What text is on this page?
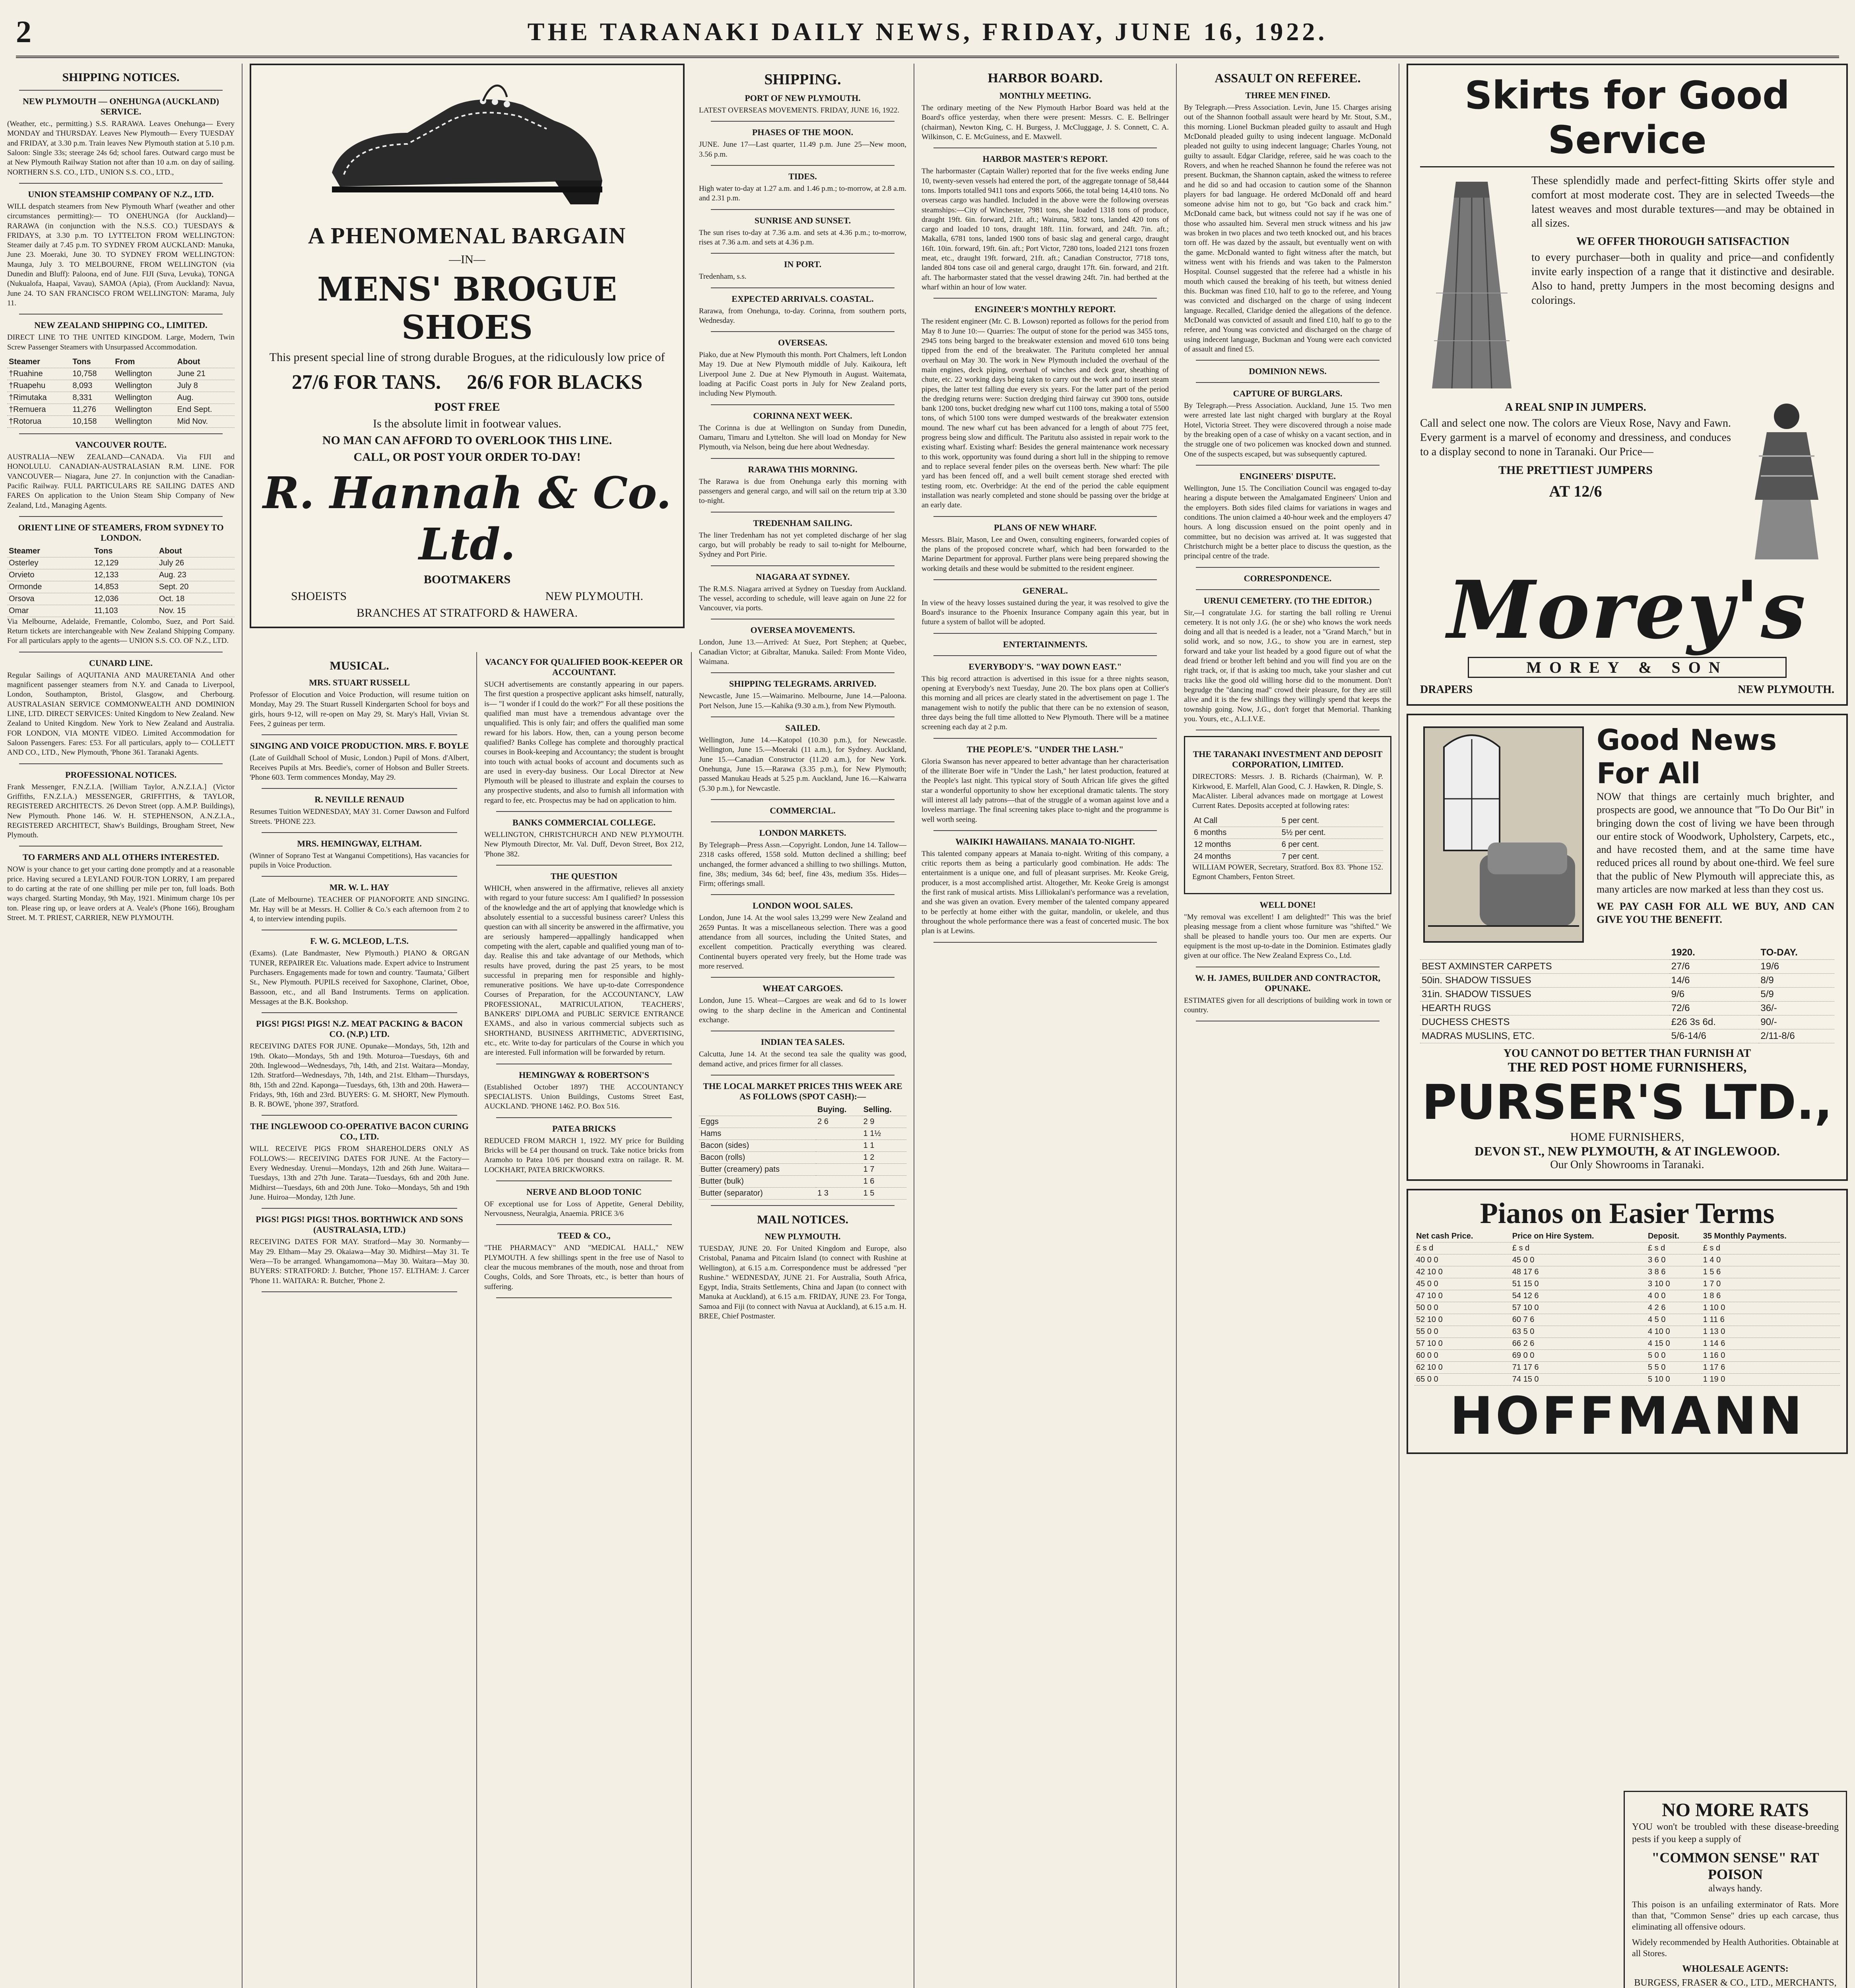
2	THE TARANAKI DAILY NEWS, FRIDAY, JUNE 16, 1922.
SHIPPING NOTICES.
NEW PLYMOUTH — ONEHUNGA (AUCKLAND) SERVICE.

(Weather, etc., permitting.) S.S. RARAWA. Leaves Onehunga— Every MONDAY and THURSDAY. Leaves New Plymouth— Every TUESDAY and FRIDAY, at 3.30 p.m. Train leaves New Plymouth station at 5.10 p.m. Saloon: Single 33s; steerage 24s 6d; school fares. Outward cargo must be at New Plymouth Railway Station not after than 10 a.m. on day of sailing. NORTHERN S.S. CO., LTD., UNION S.S. CO., LTD.,

UNION STEAMSHIP COMPANY OF N.Z., LTD.

WILL despatch steamers from New Plymouth Wharf (weather and other circumstances permitting):— TO ONEHUNGA (for Auckland)— RARAWA (in conjunction with the N.S.S. CO.) TUESDAYS & FRIDAYS, at 3.30 p.m. TO LYTTELTON FROM WELLINGTON: Steamer daily at 7.45 p.m. TO SYDNEY FROM AUCKLAND: Manuka, June 23. Moeraki, June 30. TO SYDNEY FROM WELLINGTON: Maunga, July 3. TO MELBOURNE, FROM WELLINGTON (via Dunedin and Bluff): Paloona, end of June. FIJI (Suva, Levuka), TONGA (Nukualofa, Haapai, Vavau), SAMOA (Apia), (From Auckland): Navua, June 24. TO SAN FRANCISCO FROM WELLINGTON: Marama, July 11.

NEW ZEALAND SHIPPING CO., LIMITED.

DIRECT LINE TO THE UNITED KINGDOM. Large, Modern, Twin Screw Passenger Steamers with Unsurpassed Accommodation.

Steamer	Tons	From	About
†Ruahine	10,758	Wellington	June 21
†Ruapehu	8,093	Wellington	July 8
†Rimutaka	8,331	Wellington	Aug.
†Remuera	11,276	Wellington	End Sept.
†Rotorua	10,158	Wellington	Mid Nov.
VANCOUVER ROUTE.

AUSTRALIA—NEW ZEALAND—CANADA. Via FIJI and HONOLULU. CANADIAN-AUSTRALASIAN R.M. LINE. FOR VANCOUVER— Niagara, June 27. In conjunction with the Canadian-Pacific Railway. FULL PARTICULARS RE SAILING DATES AND FARES On application to the Union Steam Ship Company of New Zealand, Ltd., Managing Agents.

ORIENT LINE OF STEAMERS, FROM SYDNEY TO LONDON.
Steamer	Tons	About
Osterley	12,129	July 26
Orvieto	12,133	Aug. 23
Ormonde	14,853	Sept. 20
Orsova	12,036	Oct. 18
Omar	11,103	Nov. 15

Via Melbourne, Adelaide, Fremantle, Colombo, Suez, and Port Said. Return tickets are interchangeable with New Zealand Shipping Company. For all particulars apply to the agents— UNION S.S. CO. OF N.Z., LTD.

CUNARD LINE.

Regular Sailings of AQUITANIA AND MAURETANIA And other magnificent passenger steamers from N.Y. and Canada to Liverpool, London, Southampton, Bristol, Glasgow, and Cherbourg. AUSTRALASIAN SERVICE COMMONWEALTH AND DOMINION LINE, LTD. DIRECT SERVICES: United Kingdom to New Zealand. New Zealand to United Kingdom. New York to New Zealand and Australia. FOR LONDON, VIA MONTE VIDEO. Limited Accommodation for Saloon Passengers. Fares: £53. For all particulars, apply to— COLLETT AND CO., LTD., New Plymouth, 'Phone 361. Taranaki Agents.

PROFESSIONAL NOTICES.

Frank Messenger, F.N.Z.I.A. [William Taylor, A.N.Z.I.A.] (Victor Griffiths, F.N.Z.I.A.) MESSENGER, GRIFFITHS, & TAYLOR, REGISTERED ARCHITECTS. 26 Devon Street (opp. A.M.P. Buildings), New Plymouth. Phone 146. W. H. STEPHENSON, A.N.Z.I.A., REGISTERED ARCHITECT, Shaw's Buildings, Brougham Street, New Plymouth.

TO FARMERS AND ALL OTHERS INTERESTED.

NOW is your chance to get your carting done promptly and at a reasonable price. Having secured a LEYLAND FOUR-TON LORRY, I am prepared to do carting at the rate of one shilling per mile per ton, full loads. Both ways charged. Starting Monday, 9th May, 1921. Minimum charge 10s per ton. Please ring up, or leave orders at A. Veale's (Phone 166), Brougham Street. M. T. PRIEST, CARRIER, NEW PLYMOUTH.

A PHENOMENAL BARGAIN
—IN—
MENS' BROGUE SHOES
This present special line of strong durable Brogues, at the ridiculously low price of
27/6 FOR TANS. 26/6 FOR BLACKS
POST FREE
Is the absolute limit in footwear values.
NO MAN CAN AFFORD TO OVERLOOK THIS LINE.
CALL, OR POST YOUR ORDER TO-DAY!
R. Hannah & Co. Ltd.
BOOTMAKERS
SHOEISTS	NEW PLYMOUTH.
BRANCHES AT STRATFORD & HAWERA.
MUSICAL.
MRS. STUART RUSSELL

Professor of Elocution and Voice Production, will resume tuition on Monday, May 29. The Stuart Russell Kindergarten School for boys and girls, hours 9-12, will re-open on May 29, St. Mary's Hall, Vivian St. Fees, 2 guineas per term.

SINGING AND VOICE PRODUCTION. MRS. F. BOYLE

(Late of Guildhall School of Music, London.) Pupil of Mons. d'Albert, Receives Pupils at Mrs. Beedie's, corner of Hobson and Buller Streets. 'Phone 603. Term commences Monday, May 29.

R. NEVILLE RENAUD

Resumes Tuition WEDNESDAY, MAY 31. Corner Dawson and Fulford Streets. 'PHONE 223.

MRS. HEMINGWAY, ELTHAM.

(Winner of Soprano Test at Wanganui Competitions), Has vacancies for pupils in Voice Production.

MR. W. L. HAY

(Late of Melbourne). TEACHER OF PIANOFORTE AND SINGING. Mr. Hay will be at Messrs. H. Collier & Co.'s each afternoon from 2 to 4, to interview intending pupils.

F. W. G. MCLEOD, L.T.S.

(Exams). (Late Bandmaster, New Plymouth.) PIANO & ORGAN TUNER, REPAIRER Etc. Valuations made. Expert advice to Instrument Purchasers. Engagements made for town and country. 'Taumata,' Gilbert St., New Plymouth. PUPILS received for Saxophone, Clarinet, Oboe, Bassoon, etc., and all Band Instruments. Terms on application. Messages at the B.K. Bookshop.

PIGS! PIGS! PIGS! N.Z. MEAT PACKING & BACON CO. (N.P.) LTD.

RECEIVING DATES FOR JUNE. Opunake—Mondays, 5th, 12th and 19th. Okato—Mondays, 5th and 19th. Moturoa—Tuesdays, 6th and 20th. Inglewood—Wednesdays, 7th, 14th, and 21st. Waitara—Monday, 12th. Stratford—Wednesdays, 7th, 14th, and 21st. Eltham—Thursdays, 8th, 15th and 22nd. Kaponga—Tuesdays, 6th, 13th and 20th. Hawera—Fridays, 9th, 16th and 23rd. BUYERS: G. M. SHORT, New Plymouth. B. R. BOWE, 'phone 397, Stratford.

THE INGLEWOOD CO-OPERATIVE BACON CURING CO., LTD.

WILL RECEIVE PIGS FROM SHAREHOLDERS ONLY AS FOLLOWS:— RECEIVING DATES FOR JUNE. At the Factory—Every Wednesday. Urenui—Mondays, 12th and 26th June. Waitara—Tuesdays, 13th and 27th June. Tarata—Tuesdays, 6th and 20th June. Midhirst—Tuesdays, 6th and 20th June. Toko—Mondays, 5th and 19th June. Huiroa—Monday, 12th June.

PIGS! PIGS! PIGS! THOS. BORTHWICK AND SONS (AUSTRALASIA, LTD.)

RECEIVING DATES FOR MAY. Stratford—May 30. Normanby—May 29. Eltham—May 29. Okaiawa—May 30. Midhirst—May 31. Te Wera—To be arranged. Whangamomona—May 30. Waitara—May 30. BUYERS: STRATFORD: J. Butcher, 'Phone 157. ELTHAM: J. Carcer 'Phone 11. WAITARA: R. Butcher, 'Phone 2.

VACANCY FOR QUALIFIED BOOK-KEEPER OR ACCOUNTANT.

SUCH advertisements are constantly appearing in our papers. The first question a prospective applicant asks himself, naturally, is— "I wonder if I could do the work?" For all these positions the qualified man must have a tremendous advantage over the unqualified. This is only fair; and offers the qualified man some reward for his labors. How, then, can a young person become qualified? Banks College has complete and thoroughly practical courses in Book-keeping and Accountancy; the student is brought into touch with actual books of account and documents such as are used in every-day business. Our Local Director at New Plymouth will be pleased to illustrate and explain the courses to any prospective students, and also to furnish all information with regard to fee, etc. Prospectus may be had on application to him.

BANKS COMMERCIAL COLLEGE.

WELLINGTON, CHRISTCHURCH AND NEW PLYMOUTH. New Plymouth Director, Mr. Val. Duff, Devon Street, Box 212, 'Phone 382.

THE QUESTION

WHICH, when answered in the affirmative, relieves all anxiety with regard to your future success: Am I qualified? In possession of the knowledge and the art of applying that knowledge which is absolutely essential to a successful business career? Unless this question can with all sincerity be answered in the affirmative, you are seriously hampered—appallingly handicapped when competing with the alert, capable and qualified young man of to-day. Realise this and take advantage of our Methods, which results have proved, during the past 25 years, to be most successful in preparing men for responsible and highly-remunerative positions. We have up-to-date Correspondence Courses of Preparation, for the ACCOUNTANCY, LAW PROFESSIONAL, MATRICULATION, TEACHERS', BANKERS' DIPLOMA and PUBLIC SERVICE ENTRANCE EXAMS., and also in various commercial subjects such as SHORTHAND, BUSINESS ARITHMETIC, ADVERTISING, etc., etc. Write to-day for particulars of the Course in which you are interested. Full information will be forwarded by return.

HEMINGWAY & ROBERTSON'S

(Established October 1897) THE ACCOUNTANCY SPECIALISTS. Union Buildings, Customs Street East, AUCKLAND. 'PHONE 1462. P.O. Box 516.

PATEA BRICKS

REDUCED FROM MARCH 1, 1922. MY price for Building Bricks will be £4 per thousand on truck. Take notice bricks from Aramoho to Patea 10/6 per thousand extra on railage. R. M. LOCKHART, PATEA BRICKWORKS.

NERVE AND BLOOD TONIC

OF exceptional use for Loss of Appetite, General Debility, Nervousness, Neuralgia, Anaemia. PRICE 3/6

TEED & CO.,

"THE PHARMACY" AND "MEDICAL HALL," NEW PLYMOUTH. A few shillings spent in the free use of Nasol to clear the mucous membranes of the mouth, nose and throat from Coughs, Colds, and Sore Throats, etc., is better than hours of suffering.

SHIPPING.
PORT OF NEW PLYMOUTH.

LATEST OVERSEAS MOVEMENTS. FRIDAY, JUNE 16, 1922.

PHASES OF THE MOON.

JUNE. June 17—Last quarter, 11.49 p.m. June 25—New moon, 3.56 p.m.

TIDES.

High water to-day at 1.27 a.m. and 1.46 p.m.; to-morrow, at 2.8 a.m. and 2.31 p.m.

SUNRISE AND SUNSET.

The sun rises to-day at 7.36 a.m. and sets at 4.36 p.m.; to-morrow, rises at 7.36 a.m. and sets at 4.36 p.m.

IN PORT.

Tredenham, s.s.

EXPECTED ARRIVALS. COASTAL.

Rarawa, from Onehunga, to-day. Corinna, from southern ports, Wednesday.

OVERSEAS.

Piako, due at New Plymouth this month. Port Chalmers, left London May 19. Due at New Plymouth middle of July. Kaikoura, left Liverpool June 2. Due at New Plymouth in August. Waitemata, loading at Pacific Coast ports in July for New Zealand ports, including New Plymouth.

CORINNA NEXT WEEK.

The Corinna is due at Wellington on Sunday from Dunedin, Oamaru, Timaru and Lyttelton. She will load on Monday for New Plymouth, via Nelson, being due here about Wednesday.

RARAWA THIS MORNING.

The Rarawa is due from Onehunga early this morning with passengers and general cargo, and will sail on the return trip at 3.30 to-night.

TREDENHAM SAILING.

The liner Tredenham has not yet completed discharge of her slag cargo, but will probably be ready to sail to-night for Melbourne, Sydney and Port Pirie.

NIAGARA AT SYDNEY.

The R.M.S. Niagara arrived at Sydney on Tuesday from Auckland. The vessel, according to schedule, will leave again on June 22 for Vancouver, via ports.

OVERSEA MOVEMENTS.

London, June 13.—Arrived: At Suez, Port Stephen; at Quebec, Canadian Victor; at Gibraltar, Manuka. Sailed: From Monte Video, Waimana.

SHIPPING TELEGRAMS. ARRIVED.

Newcastle, June 15.—Waimarino. Melbourne, June 14.—Paloona. Port Nelson, June 15.—Kahika (9.30 a.m.), from New Plymouth.

SAILED.

Wellington, June 14.—Katopol (10.30 p.m.), for Newcastle. Wellington, June 15.—Moeraki (11 a.m.), for Sydney. Auckland, June 15.—Canadian Constructor (11.20 a.m.), for New York. Onehunga, June 15.—Rarawa (3.35 p.m.), for New Plymouth; passed Manukau Heads at 5.25 p.m. Auckland, June 16.—Kaiwarra (5.30 p.m.), for Newcastle.

COMMERCIAL.
LONDON MARKETS.

By Telegraph—Press Assn.—Copyright. London, June 14. Tallow—2318 casks offered, 1558 sold. Mutton declined a shilling; beef unchanged, the former advanced a shilling to two shillings. Mutton, fine, 38s; medium, 34s 6d; beef, fine 43s, medium 35s. Hides—Firm; offerings small.

LONDON WOOL SALES.

London, June 14. At the wool sales 13,299 were New Zealand and 2659 Puntas. It was a miscellaneous selection. There was a good attendance from all sources, including the United States, and excellent competition. Practically everything was cleared. Continental buyers operated very freely, but the Home trade was more reserved.

WHEAT CARGOES.

London, June 15. Wheat—Cargoes are weak and 6d to 1s lower owing to the sharp decline in the American and Continental exchange.

INDIAN TEA SALES.

Calcutta, June 14. At the second tea sale the quality was good, demand active, and prices firmer for all classes.

THE LOCAL MARKET PRICES THIS WEEK ARE AS FOLLOWS (SPOT CASH):—
	Buying.	Selling.
Eggs	2 6	2 9
Hams		1 1½
Bacon (sides)		1 1
Bacon (rolls)		1 2
Butter (creamery) pats		1 7
Butter (bulk)		1 6
Butter (separator)	1 3	1 5
MAIL NOTICES.
NEW PLYMOUTH.

TUESDAY, JUNE 20. For United Kingdom and Europe, also Cristobal, Panama and Pitcairn Island (to connect with Rushine at Wellington), at 6.15 a.m. Correspondence must be addressed "per Rushine." WEDNESDAY, JUNE 21. For Australia, South Africa, Egypt, India, Straits Settlements, China and Japan (to connect with Manuka at Auckland), at 6.15 a.m. FRIDAY, JUNE 23. For Tonga, Samoa and Fiji (to connect with Navua at Auckland), at 6.15 a.m. H. BREE, Chief Postmaster.

HARBOR BOARD.
MONTHLY MEETING.

The ordinary meeting of the New Plymouth Harbor Board was held at the Board's office yesterday, when there were present: Messrs. C. E. Bellringer (chairman), Newton King, C. H. Burgess, J. McCluggage, J. S. Connett, C. A. Wilkinson, C. E. McGuiness, and E. Maxwell.

HARBOR MASTER'S REPORT.

The harbormaster (Captain Waller) reported that for the five weeks ending June 10, twenty-seven vessels had entered the port, of the aggregate tonnage of 58,444 tons. Imports totalled 9411 tons and exports 5066, the total being 14,410 tons. No overseas cargo was handled. Included in the above were the following overseas steamships:—City of Winchester, 7981 tons, she loaded 1318 tons of produce, draught 19ft. 6in. forward, 21ft. aft.; Wairuna, 5832 tons, landed 420 tons of cargo and loaded 10 tons, draught 18ft. 11in. forward, and 24ft. 7in. aft.; Makalla, 6781 tons, landed 1900 tons of basic slag and general cargo, draught 16ft. 10in. forward, 19ft. 6in. aft.; Port Victor, 7280 tons, loaded 2121 tons frozen meat, etc., draught 19ft. forward, 21ft. aft.; Canadian Constructor, 7718 tons, landed 804 tons case oil and general cargo, draught 17ft. 6in. forward, and 21ft. aft. The harbormaster stated that the vessel drawing 24ft. 7in. had berthed at the wharf within an hour of low water.

ENGINEER'S MONTHLY REPORT.

The resident engineer (Mr. C. B. Lowson) reported as follows for the period from May 8 to June 10:— Quarries: The output of stone for the period was 3455 tons, 2945 tons being barged to the breakwater extension and moved 610 tons being tipped from the end of the breakwater. The Paritutu completed her annual overhaul on May 30. The work in New Plymouth included the overhaul of the main engines, deck piping, overhaul of winches and deck gear, sheathing of chute, etc. 22 working days being taken to carry out the work and to insert steam pipes, the latter test falling due every six years. For the latter part of the period the dredging returns were: Suction dredging third fairway cut 3900 tons, outside bank 1200 tons, bucket dredging new wharf cut 1100 tons, making a total of 5500 tons, of which 5100 tons were dumped westwards of the breakwater extension mound. The new wharf cut has been advanced for a length of about 775 feet, progress being slow and difficult. The Paritutu also assisted in repair work to the existing wharf. Existing wharf: Besides the general maintenance work necessary to this work, opportunity was found during a short lull in the shipping to remove and to replace several fender piles on the overseas berth. New wharf: The pile yard has been fenced off, and a well built cement storage shed erected with testing room, etc. Overbridge: At the end of the period the cable equipment installation was nearly completed and stone should be passing over the bridge at an early date.

PLANS OF NEW WHARF.

Messrs. Blair, Mason, Lee and Owen, consulting engineers, forwarded copies of the plans of the proposed concrete wharf, which had been forwarded to the Marine Department for approval. Further plans were being prepared showing the working details and these would be submitted to the resident engineer.

GENERAL.

In view of the heavy losses sustained during the year, it was resolved to give the Board's insurance to the Phoenix Insurance Company again this year, but in future a system of ballot will be adopted.

ENTERTAINMENTS.
EVERYBODY'S. "WAY DOWN EAST."

This big record attraction is advertised in this issue for a three nights season, opening at Everybody's next Tuesday, June 20. The box plans open at Collier's this morning and all prices are clearly stated in the advertisement on page 1. The management wish to notify the public that there can be no extension of season, three days being the full time allotted to New Plymouth. There will be a matinee screening each day at 2 p.m.

THE PEOPLE'S. "UNDER THE LASH."

Gloria Swanson has never appeared to better advantage than her characterisation of the illiterate Boer wife in "Under the Lash," her latest production, featured at the People's last night. This typical story of South African life gives the gifted star a wonderful opportunity to show her exceptional dramatic talents. The story will interest all lady patrons—that of the struggle of a woman against love and a loveless marriage. The final screening takes place to-night and the programme is well worth seeing.

WAIKIKI HAWAIIANS. MANAIA TO-NIGHT.

This talented company appears at Manaia to-night. Writing of this company, a critic reports them as being a particularly good combination. He adds: The entertainment is a unique one, and full of pleasant surprises. Mr. Keoke Greig, producer, is a most accomplished artist. Altogether, Mr. Keoke Greig is amongst the first rank of musical artists. Miss Lilliokalani's performance was a revelation, and she was given an ovation. Every member of the talented company appeared to be perfectly at home either with the guitar, mandolin, or ukelele, and thus throughout the whole performance there was a feast of concerted music. The box plan is at Lewins.

ASSAULT ON REFEREE.
THREE MEN FINED.

By Telegraph.—Press Association. Levin, June 15. Charges arising out of the Shannon football assault were heard by Mr. Stout, S.M., this morning. Lionel Buckman pleaded guilty to assault and Hugh McDonald pleaded guilty to using indecent language. McDonald pleaded not guilty to using indecent language; Charles Young, not guilty to assault. Edgar Claridge, referee, said he was coach to the Rovers, and when he reached Shannon he found the referee was not present. Buckman, the Shannon captain, asked the witness to referee and he did so and had occasion to caution some of the Shannon players for bad language. He ordered McDonald off and heard someone advise him not to go, but "Go back and crack him." McDonald came back, but witness could not say if he was one of those who assaulted him. Several men struck witness and his jaw was broken in two places and two teeth knocked out, and his braces torn off. He was dazed by the assault, but eventually went on with the game. McDonald wanted to fight witness after the match, but witness went with his friends and was taken to the Palmerston Hospital. Counsel suggested that the referee had a whistle in his mouth which caused the breaking of his teeth, but witness denied this. Buckman was fined £10, half to go to the referee, and Young was convicted and discharged on the charge of using indecent language. Recalled, Claridge denied the allegations of the defence. McDonald was convicted of assault and fined £10, half to go to the referee, and Young was convicted and discharged on the charge of using indecent language, Buckman and Young were each convicted of assault and fined £5.

DOMINION NEWS.
CAPTURE OF BURGLARS.

By Telegraph.—Press Association. Auckland, June 15. Two men were arrested late last night charged with burglary at the Royal Hotel, Victoria Street. They were discovered through a noise made by the breaking open of a case of whisky on a vacant section, and in the struggle one of two policemen was knocked down and stunned. One of the suspects escaped, but was subsequently captured.

ENGINEERS' DISPUTE.

Wellington, June 15. The Conciliation Council was engaged to-day hearing a dispute between the Amalgamated Engineers' Union and the employers. Both sides filed claims for variations in wages and conditions. The union claimed a 40-hour week and the employers 47 hours. A long discussion ensued on the point openly and in committee, but no decision was arrived at. It was suggested that Christchurch might be a better place to discuss the question, as the principal centre of the trade.

CORRESPONDENCE.
URENUI CEMETERY. (TO THE EDITOR.)

Sir,—I congratulate J.G. for starting the ball rolling re Urenui cemetery. It is not only J.G. (he or she) who knows the work needs doing and all that is needed is a leader, not a "Grand March," but in solid work, and so now, J.G., to show you are in earnest, step forward and take your list headed by a good figure out of what the dead friend or brother left behind and you will find you are on the right track, or, if that is asking too much, take your slasher and cut tracks like the good old willing horse did to the monument. Don't begrudge the "dancing mad" crowd their pleasure, for they are still alive and it is the few shillings they willingly spend that keeps the township going. Now, J.G., don't forget that Memorial. Thanking you. Yours, etc., A.L.I.V.E.

THE TARANAKI INVESTMENT AND DEPOSIT CORPORATION, LIMITED.

DIRECTORS: Messrs. J. B. Richards (Chairman), W. P. Kirkwood, E. Marfell, Alan Good, C. J. Hawken, R. Dingle, S. MacAlister. Liberal advances made on mortgage at Lowest Current Rates. Deposits accepted at following rates:

At Call	5 per cent.
6 months	5½ per cent.
12 months	6 per cent.
24 months	7 per cent.

WILLIAM POWER, Secretary, Stratford. Box 83. 'Phone 152. Egmont Chambers, Fenton Street.

WELL DONE!

"My removal was excellent! I am delighted!" This was the brief pleasing message from a client whose furniture was "shifted." We shall be pleased to handle yours too. Our men are experts. Our equipment is the most up-to-date in the Dominion. Estimates gladly given at our office. The New Zealand Express Co., Ltd.

W. H. JAMES, BUILDER AND CONTRACTOR, OPUNAKE.

ESTIMATES given for all descriptions of building work in town or country.

Skirts for Good Service

These splendidly made and perfect-fitting Skirts offer style and comfort at most moderate cost. They are in selected Tweeds—the latest weaves and most durable textures—and may be obtained in all sizes.

WE OFFER THOROUGH SATISFACTION

to every purchaser—both in quality and price—and confidently invite early inspection of a range that it distinctive and desirable. Also to hand, pretty Jumpers in the most becoming designs and colorings.

A REAL SNIP IN JUMPERS.

Call and select one now. The colors are Vieux Rose, Navy and Fawn. Every garment is a marvel of economy and dressiness, and conduces to a display second to none in Taranaki. Our Price—

THE PRETTIEST JUMPERS
AT 12/6
Morey's
MOREY & SON
DRAPERS	NEW PLYMOUTH.
Good News For All

NOW that things are certainly much brighter, and prospects are good, we announce that "To Do Our Bit" in bringing down the cost of living we have been through our entire stock of Woodwork, Upholstery, Carpets, etc., and have recosted them, and at the same time have reduced prices all round by about one-third. We feel sure that the public of New Plymouth will appreciate this, as many articles are now marked at less than they cost us.

WE PAY CASH FOR ALL WE BUY, AND CAN GIVE YOU THE BENEFIT.

	1920.	TO-DAY.
BEST AXMINSTER CARPETS	27/6	19/6
50in. SHADOW TISSUES	14/6	8/9
31in. SHADOW TISSUES	9/6	5/9
HEARTH RUGS	72/6	36/-
DUCHESS CHESTS	£26 3s 6d.	90/-
MADRAS MUSLINS, ETC.	5/6-14/6	2/11-8/6
YOU CANNOT DO BETTER THAN FURNISH AT
THE RED POST HOME FURNISHERS,
PURSER'S LTD.,
HOME FURNISHERS,
DEVON ST., NEW PLYMOUTH, & AT INGLEWOOD.
Our Only Showrooms in Taranaki.
Pianos on Easier Terms
Net cash Price.	Price on Hire System.	Deposit.	35 Monthly Payments.
£ s d	£ s d	£ s d	£ s d
40 0 0	45 0 0	3 6 0	1 4 0
42 10 0	48 17 6	3 8 6	1 5 6
45 0 0	51 15 0	3 10 0	1 7 0
47 10 0	54 12 6	4 0 0	1 8 6
50 0 0	57 10 0	4 2 6	1 10 0
52 10 0	60 7 6	4 5 0	1 11 6
55 0 0	63 5 0	4 10 0	1 13 0
57 10 0	66 2 6	4 15 0	1 14 6
60 0 0	69 0 0	5 0 0	1 16 0
62 10 0	71 17 6	5 5 0	1 17 6
65 0 0	74 15 0	5 10 0	1 19 0
HOFFMANN
NO MORE RATS

YOU won't be troubled with these disease-breeding pests if you keep a supply of

"COMMON SENSE" RAT POISON

always handy.

This poison is an unfailing exterminator of Rats. More than that, "Common Sense" dries up each carcase, thus eliminating all offensive odours.

Widely recommended by Health Authorities. Obtainable at all Stores.

WHOLESALE AGENTS:

BURGESS, FRASER & CO., LTD., MERCHANTS,
